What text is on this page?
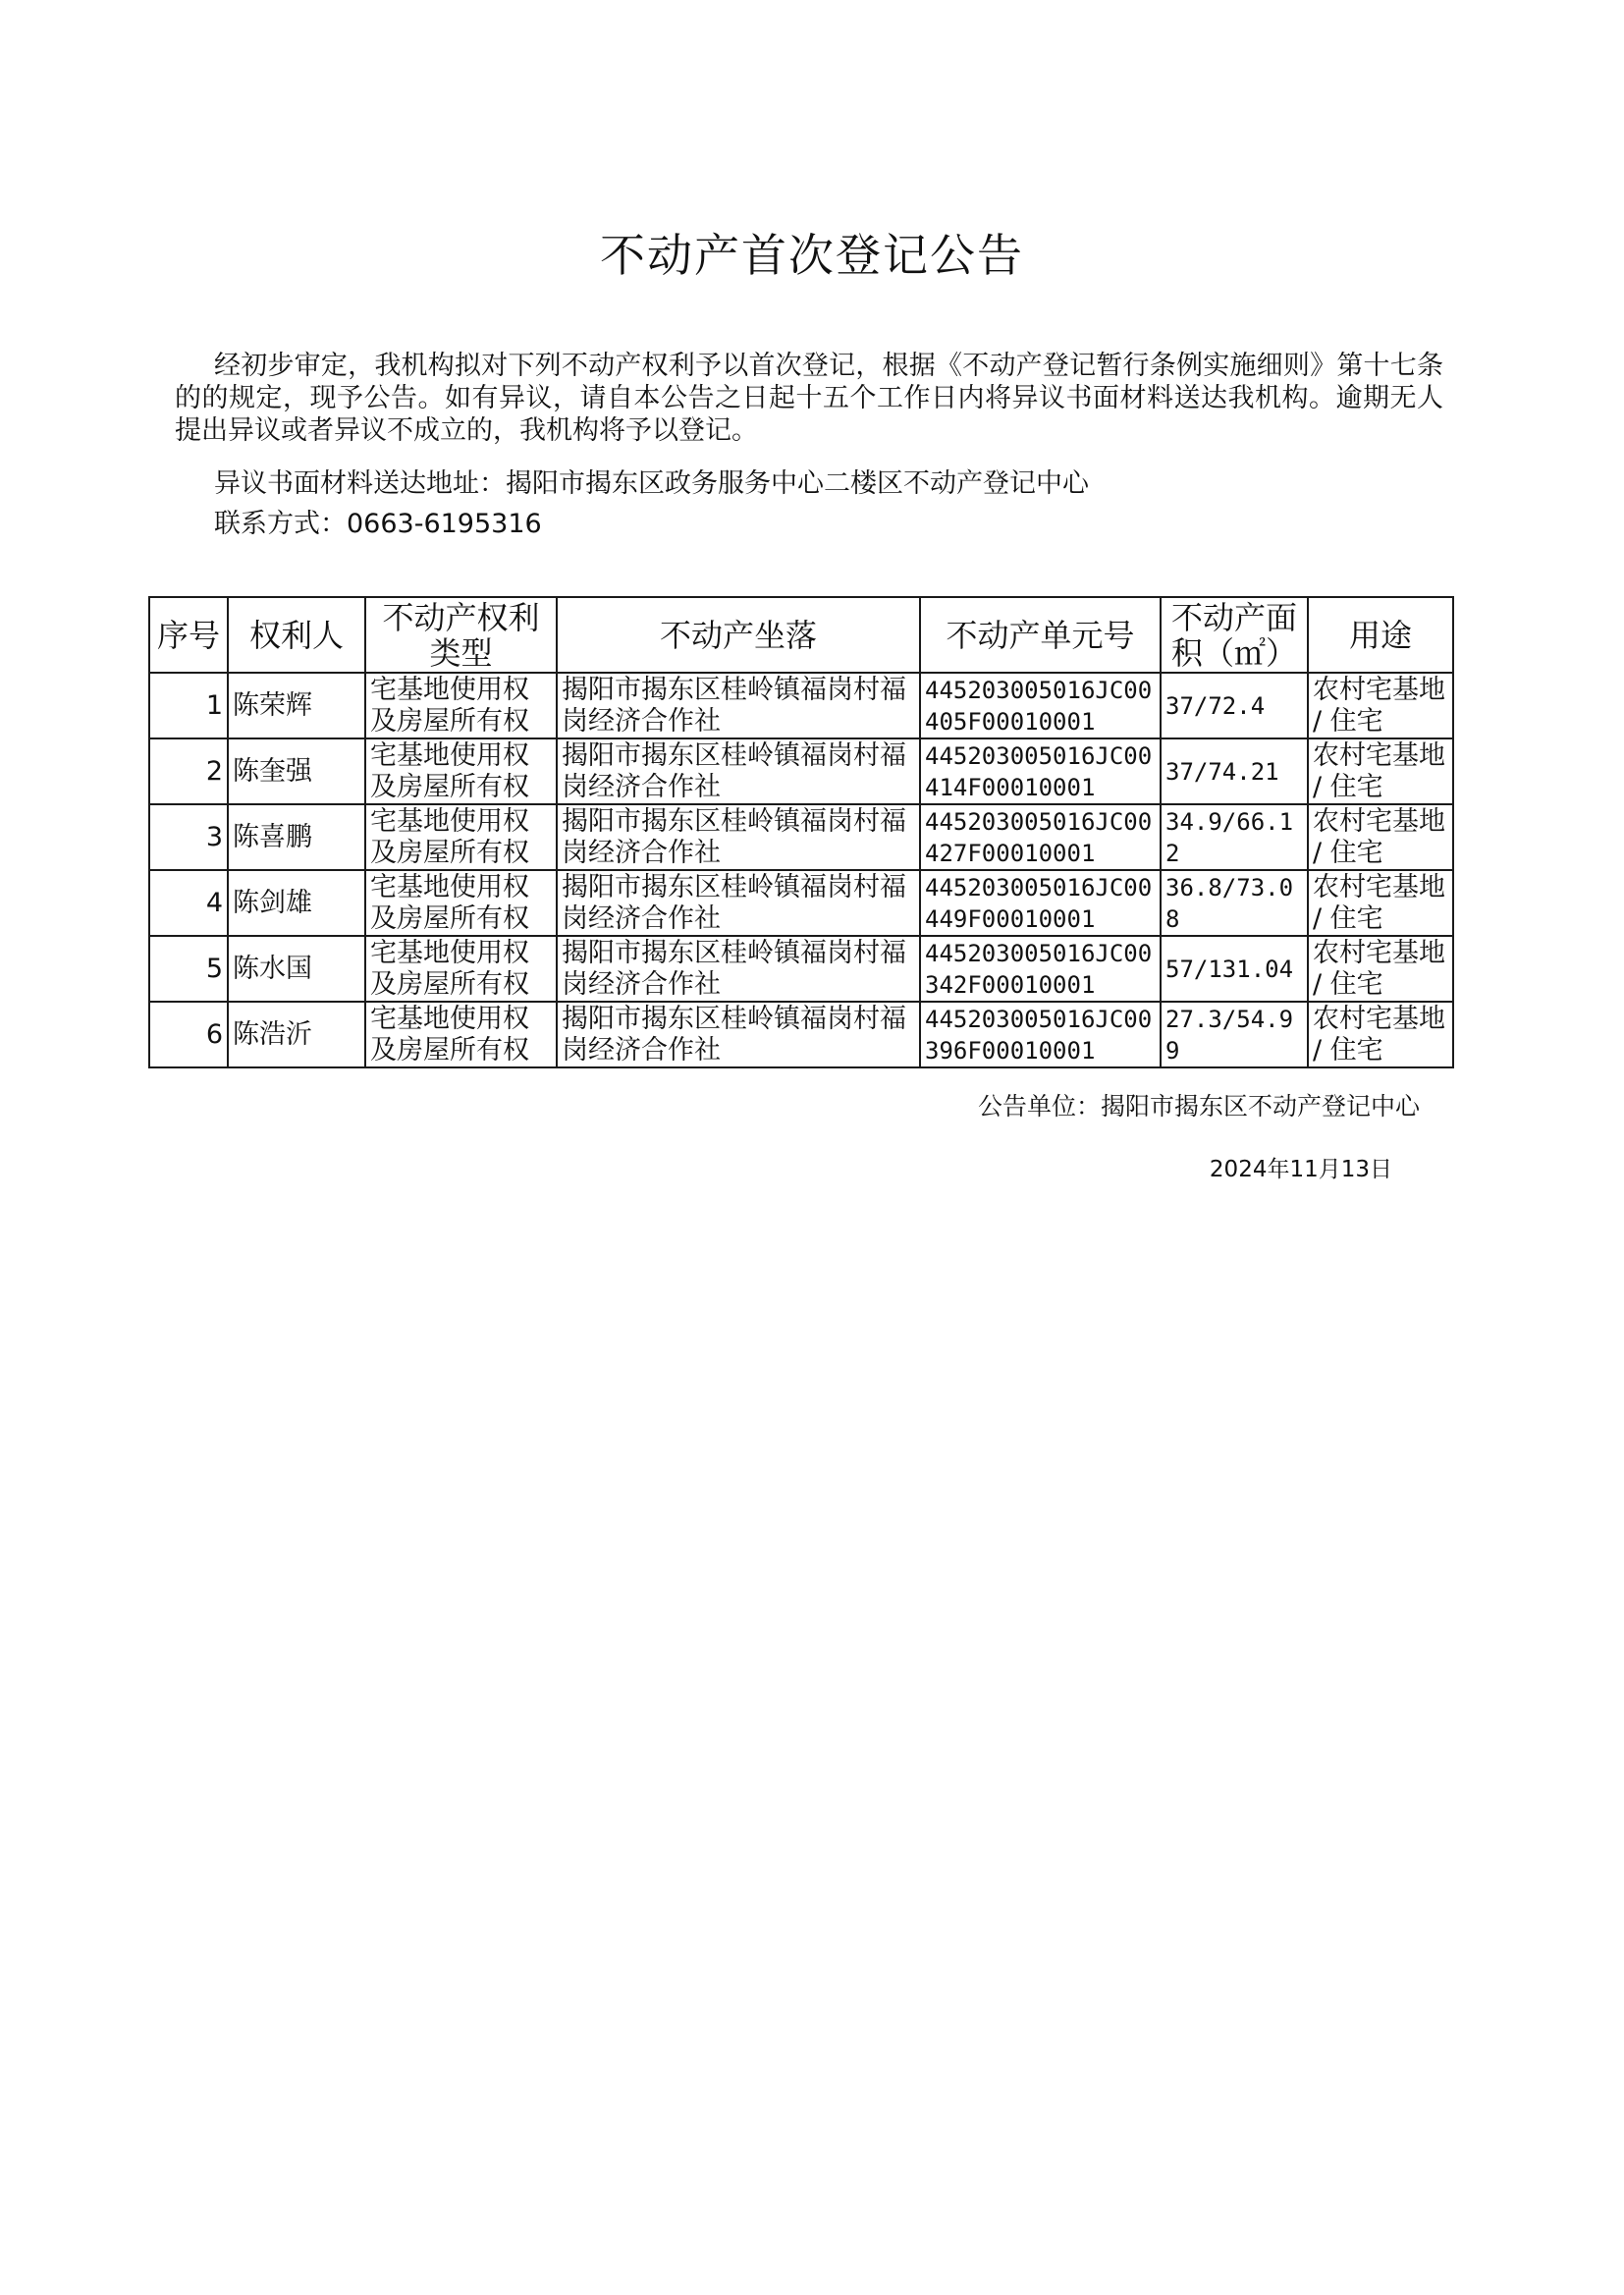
不动产首次登记公告
经初步审定，我机构拟对下列不动产权利予以首次登记，根据《不动产登记暂行条例实施细则》第十七条的的规定，现予公告。如有异议，请自本公告之日起十五个工作日内将异议书面材料送达我机构。逾期无人提出异议或者异议不成立的，我机构将予以登记。
异议书面材料送达地址：揭阳市揭东区政务服务中心二楼区不动产登记中心
联系方式：0663-6195316
序号	权利人	不动产权利类型	不动产坐落	不动产单元号	不动产面积（㎡）	用途
1	陈荣辉	宅基地使用权及房屋所有权	揭阳市揭东区桂岭镇福岗村福岗经济合作社	445203005016JC00405F00010001	37/72.4	农村宅基地 / 住宅
2	陈奎强	宅基地使用权及房屋所有权	揭阳市揭东区桂岭镇福岗村福岗经济合作社	445203005016JC00414F00010001	37/74.21	农村宅基地 / 住宅
3	陈喜鹏	宅基地使用权及房屋所有权	揭阳市揭东区桂岭镇福岗村福岗经济合作社	445203005016JC00427F00010001	34.9/66.12	农村宅基地 / 住宅
4	陈剑雄	宅基地使用权及房屋所有权	揭阳市揭东区桂岭镇福岗村福岗经济合作社	445203005016JC00449F00010001	36.8/73.08	农村宅基地 / 住宅
5	陈水国	宅基地使用权及房屋所有权	揭阳市揭东区桂岭镇福岗村福岗经济合作社	445203005016JC00342F00010001	57/131.04	农村宅基地 / 住宅
6	陈浩沂	宅基地使用权及房屋所有权	揭阳市揭东区桂岭镇福岗村福岗经济合作社	445203005016JC00396F00010001	27.3/54.99	农村宅基地 / 住宅
公告单位：揭阳市揭东区不动产登记中心
2024年11月13日
